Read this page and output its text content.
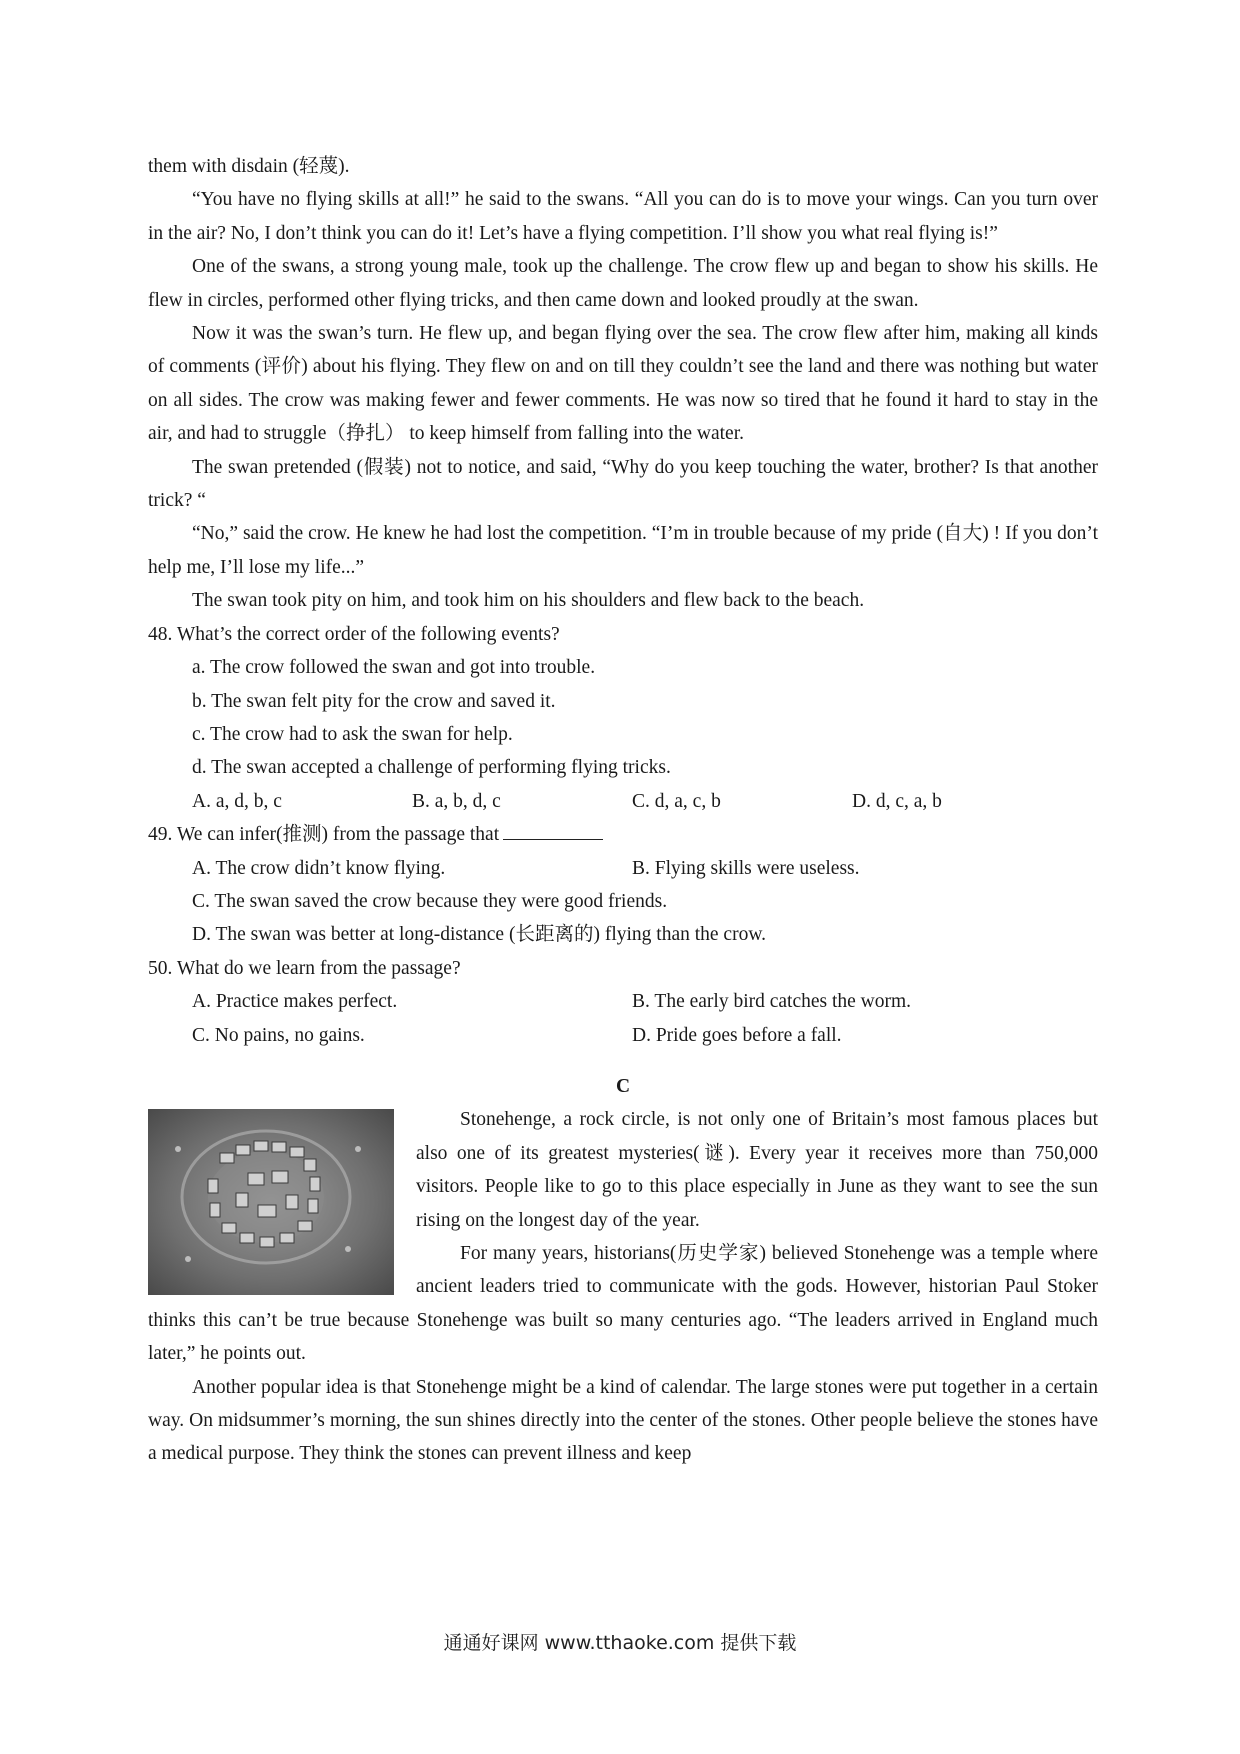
them with disdain (轻蔑).

“You have no flying skills at all!” he said to the swans. “All you can do is to move your wings. Can you turn over in the air? No, I don’t think you can do it! Let’s have a flying competition. I’ll show you what real flying is!”

One of the swans, a strong young male, took up the challenge. The crow flew up and began to show his skills. He flew in circles, performed other flying tricks, and then came down and looked proudly at the swan.

Now it was the swan’s turn. He flew up, and began flying over the sea. The crow flew after him, making all kinds of comments (评价) about his flying. They flew on and on till they couldn’t see the land and there was nothing but water on all sides. The crow was making fewer and fewer comments. He was now so tired that he found it hard to stay in the air, and had to struggle（挣扎） to keep himself from falling into the water.

The swan pretended (假装) not to notice, and said, “Why do you keep touching the water, brother? Is that another trick? “

“No,” said the crow. He knew he had lost the competition. “I’m in trouble because of my pride (自大) ! If you don’t help me, I’ll lose my life...”

The swan took pity on him, and took him on his shoulders and flew back to the beach.

48. What’s the correct order of the following events?
a. The crow followed the swan and got into trouble.
b. The swan felt pity for the crow and saved it.
c. The crow had to ask the swan for help.
d. The swan accepted a challenge of performing flying tricks.
A. a, d, b, c	B. a, b, d, c	C. d, a, c, b	D. d, c, a, b
49. We can infer(推测) from the passage that
A. The crow didn’t know flying.	B. Flying skills were useless.
C. The swan saved the crow because they were good friends.
D. The swan was better at long-distance (长距离的) flying than the crow.
50. What do we learn from the passage?
A. Practice makes perfect.	B. The early bird catches the worm.
C. No pains, no gains.	D. Pride goes before a fall.
C

Stonehenge, a rock circle, is not only one of Britain’s most famous places but also one of its greatest mysteries(谜). Every year it receives more than 750,000 visitors. People like to go to this place especially in June as they want to see the sun rising on the longest day of the year.

For many years, historians(历史学家) believed Stonehenge was a temple where ancient leaders tried to communicate with the gods. However, historian Paul Stoker thinks this can’t be true because Stonehenge was built so many centuries ago. “The leaders arrived in England much later,” he points out.

Another popular idea is that Stonehenge might be a kind of calendar. The large stones were put together in a certain way. On midsummer’s morning, the sun shines directly into the center of the stones. Other people believe the stones have a medical purpose. They think the stones can prevent illness and keep

通通好课网 www.tthaoke.com 提供下载
